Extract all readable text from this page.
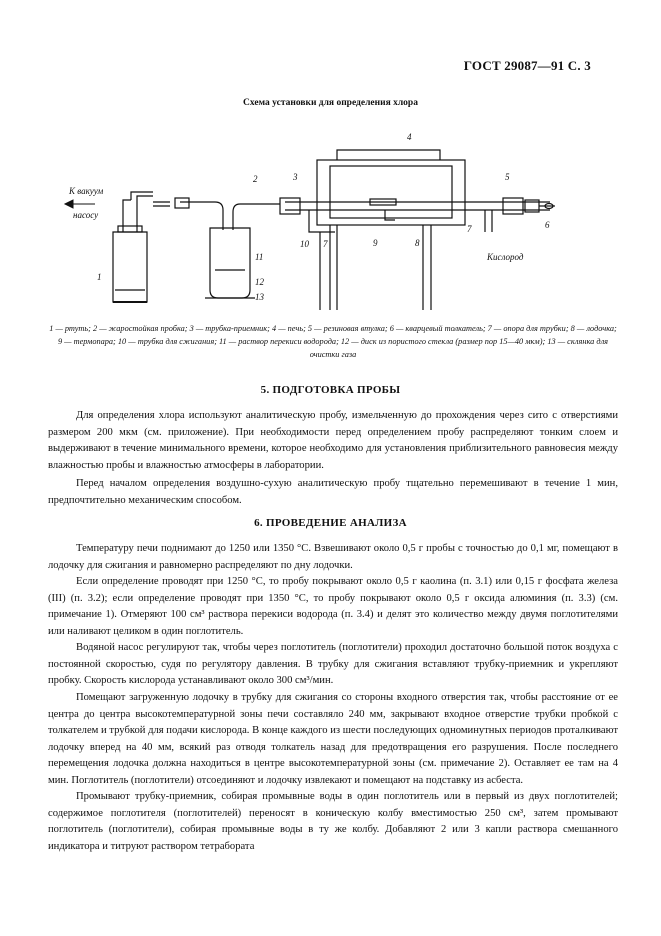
ГОСТ 29087—91 С. 3
Схема установки для определения хлора
К вакуум
насосу
Кислород
1
2	3
4
5
6
7
7
8
9
10
11
12
13
1 — ртуть; 2 — жаростойкая пробка; 3 — трубка-приемник; 4 — печь; 5 — резиновая втулка; 6 — кварцевый толкатель; 7 — опора для трубки; 8 — лодочка; 9 — термопара; 10 — трубка для сжигания; 11 — раствор перекиси водорода; 12 — диск из пористого стекла (размер пор 15—40 мкм); 13 — склянка для очистки газа
5. ПОДГОТОВКА ПРОБЫ

Для определения хлора используют аналитическую пробу, измельченную до прохождения через сито с отверстиями размером 200 мкм (см. приложение). При необходимости перед определением пробу распределяют тонким слоем и выдерживают в течение минимального времени, которое необходимо для установления приблизительного равновесия между влажностью пробы и влажностью атмосферы в лаборатории.

Перед началом определения воздушно-сухую аналитическую пробу тщательно перемешивают в течение 1 мин, предпочтительно механическим способом.

6. ПРОВЕДЕНИЕ АНАЛИЗА

Температуру печи поднимают до 1250 или 1350 °С. Взвешивают около 0,5 г пробы с точностью до 0,1 мг, помещают в лодочку для сжигания и равномерно распределяют по дну лодочки.

Если определение проводят при 1250 °С, то пробу покрывают около 0,5 г каолина (п. 3.1) или 0,15 г фосфата железа (III) (п. 3.2); если определение проводят при 1350 °С, то пробу покрывают около 0,5 г оксида алюминия (п. 3.3) (см. примечание 1). Отмеряют 100 см³ раствора перекиси водорода (п. 3.4) и делят это количество между двумя поглотителями или наливают целиком в один поглотитель.

Водяной насос регулируют так, чтобы через поглотитель (поглотители) проходил достаточно большой поток воздуха с постоянной скоростью, судя по регулятору давления. В трубку для сжигания вставляют трубку-приемник и укрепляют пробку. Скорость кислорода устанавливают около 300 см³/мин.

Помещают загруженную лодочку в трубку для сжигания со стороны входного отверстия так, чтобы расстояние от ее центра до центра высокотемпературной зоны печи составляло 240 мм, закрывают входное отверстие трубки пробкой с толкателем и трубкой для подачи кислорода. В конце каждого из шести последующих одноминутных периодов проталкивают лодочку вперед на 40 мм, всякий раз отводя толкатель назад для предотвращения его разрушения. После последнего перемещения лодочка должна находиться в центре высокотемпературной зоны (см. примечание 2). Оставляет ее там на 4 мин. Поглотитель (поглотители) отсоединяют и лодочку извлекают и помещают на подставку из асбеста.

Промывают трубку-приемник, собирая промывные воды в один поглотитель или в первый из двух поглотителей; содержимое поглотителя (поглотителей) переносят в коническую колбу вместимостью 250 см³, затем промывают поглотитель (поглотители), собирая промывные воды в ту же колбу. Добавляют 2 или 3 капли раствора смешанного индикатора и титруют раствором тетрабората
